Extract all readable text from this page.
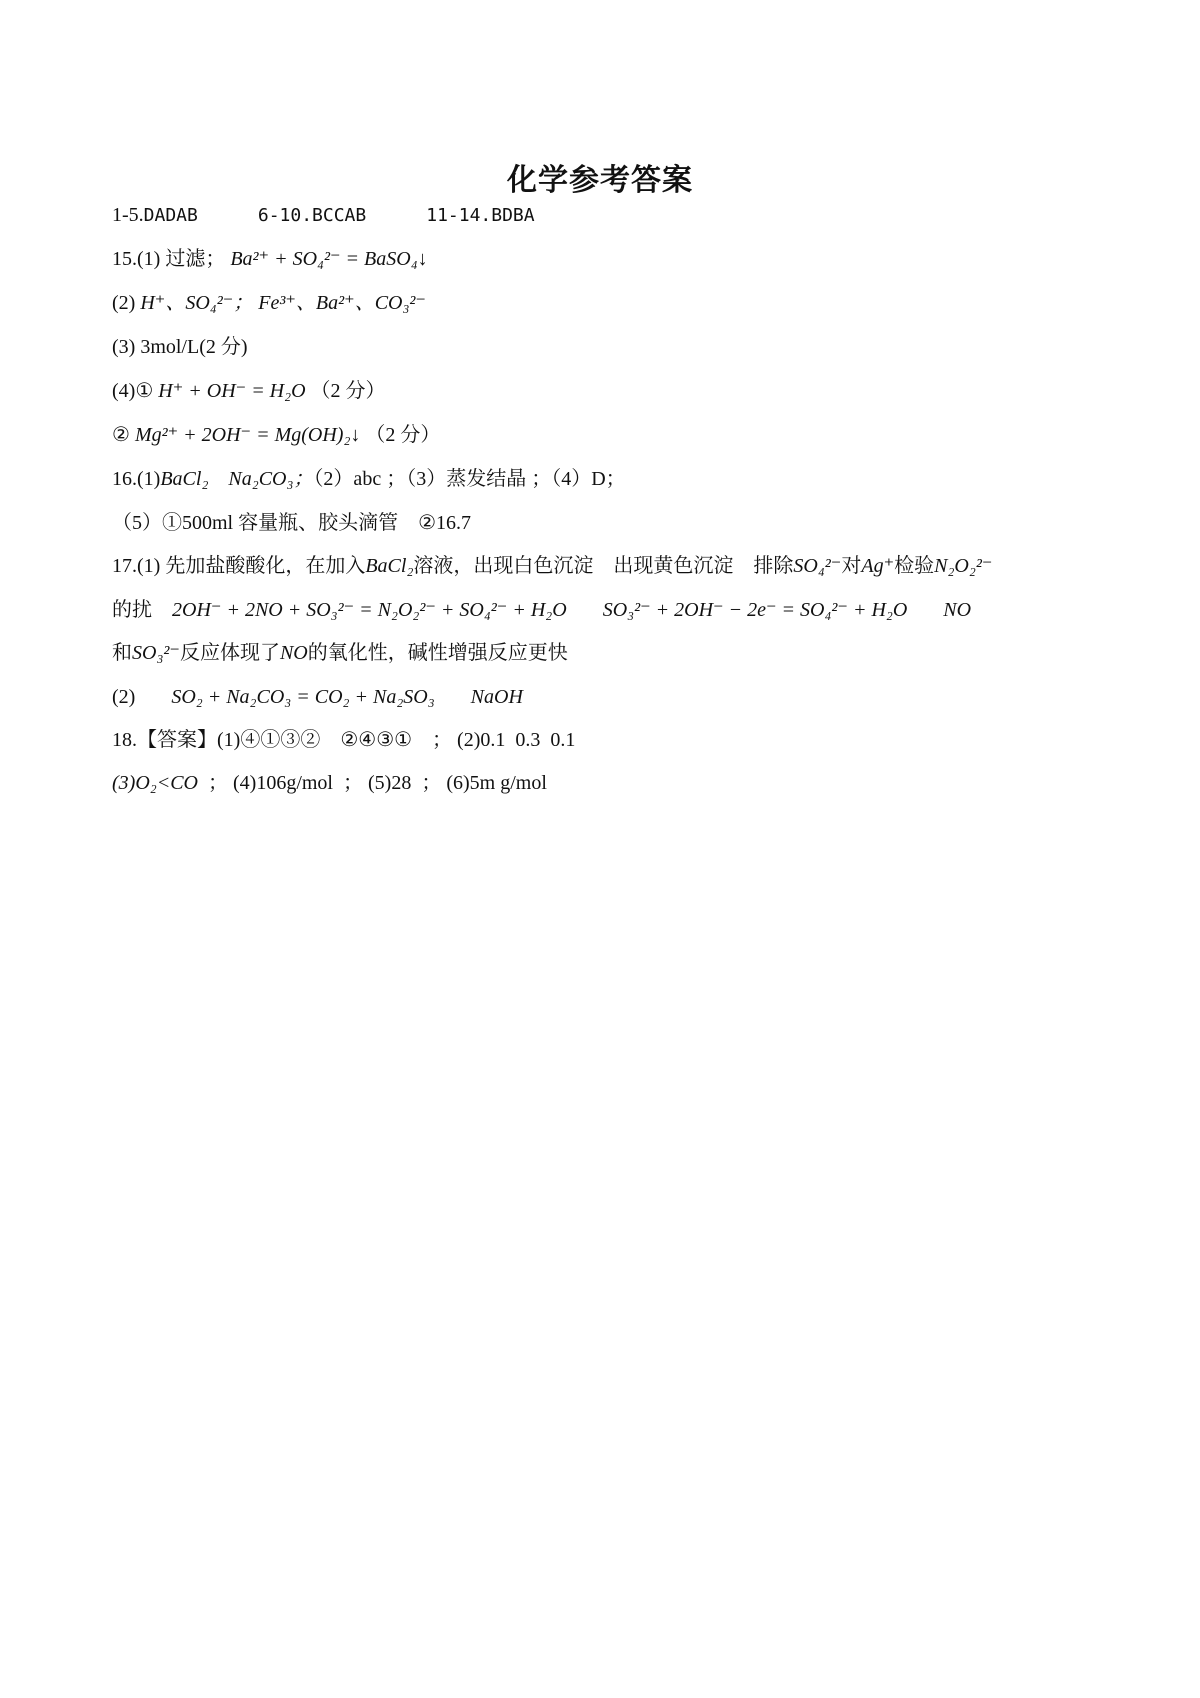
化学参考答案
1-5.DADAB	6-10.BCCAB	11-14.BDBA
15.(1) 过滤； Ba²⁺ + SO₄²⁻ = BaSO₄↓
(2) H⁺、SO₄²⁻； Fe³⁺、Ba²⁺、CO₃²⁻
(3) 3mol/L(2 分)
(4)① H⁺ + OH⁻ = H₂O （2 分）
② Mg²⁺ + 2OH⁻ = Mg(OH)₂↓ （2 分）
16.(1)BaCl₂ Na₂CO₃；（2）abc ；（3）蒸发结晶 ；（4）D；
（5）①500ml 容量瓶、胶头滴管 ②16.7
17.(1) 先加盐酸酸化，在加入BaCl₂溶液，出现白色沉淀 出现黄色沉淀 排除SO₄²⁻对Ag⁺检验N₂O₂²⁻
的扰 2OH⁻ + 2NO + SO₃²⁻ = N₂O₂²⁻ + SO₄²⁻ + H₂O SO₃²⁻ + 2OH⁻ − 2e⁻ = SO₄²⁻ + H₂O NO
和SO₃²⁻反应体现了NO的氧化性，碱性增强反应更快
(2) SO₂ + Na₂CO₃ = CO₂ + Na₂SO₃ NaOH
18.【答案】(1)④①③② ②④③① ； (2)0.1 0.3 0.1
(3)O₂<CO ； (4)106g/mol ； (5)28 ； (6)5m g/mol
